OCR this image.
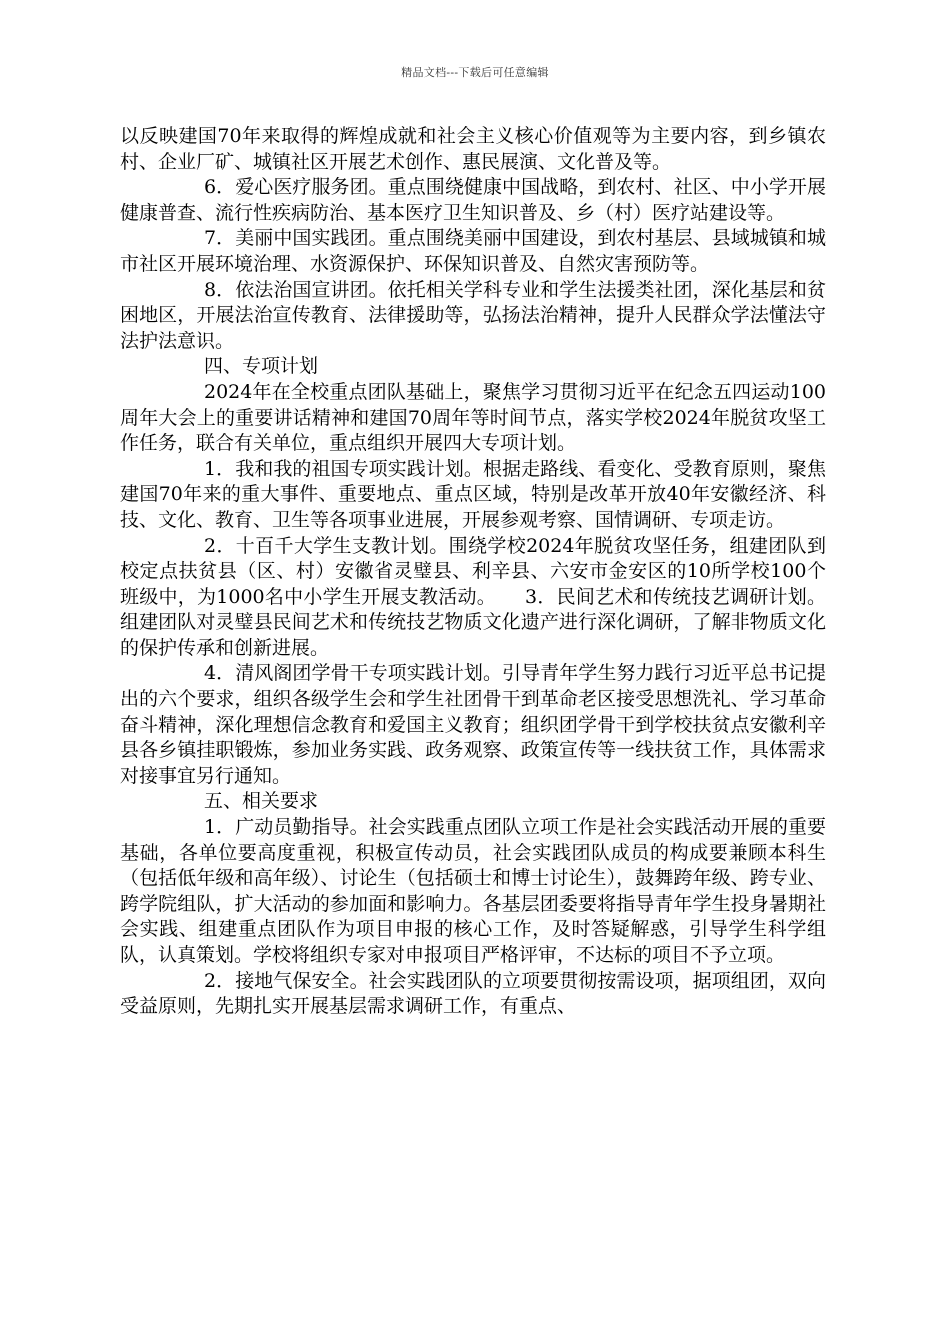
精品文档---下载后可任意编辑

以反映建国70年来取得的辉煌成就和社会主义核心价值观等为主要内容，到乡镇农村、企业厂矿、城镇社区开展艺术创作、惠民展演、文化普及等。

6．爱心医疗服务团。重点围绕健康中国战略，到农村、社区、中小学开展健康普查、流行性疾病防治、基本医疗卫生知识普及、乡（村）医疗站建设等。

7．美丽中国实践团。重点围绕美丽中国建设，到农村基层、县域城镇和城市社区开展环境治理、水资源保护、环保知识普及、自然灾害预防等。

8．依法治国宣讲团。依托相关学科专业和学生法援类社团，深化基层和贫困地区，开展法治宣传教育、法律援助等，弘扬法治精神，提升人民群众学法懂法守法护法意识。

四、专项计划

2024年在全校重点团队基础上，聚焦学习贯彻习近平在纪念五四运动100周年大会上的重要讲话精神和建国70周年等时间节点，落实学校2024年脱贫攻坚工作任务，联合有关单位，重点组织开展四大专项计划。

1．我和我的祖国专项实践计划。根据走路线、看变化、受教育原则，聚焦建国70年来的重大事件、重要地点、重点区域，特别是改革开放40年安徽经济、科技、文化、教育、卫生等各项事业进展，开展参观考察、国情调研、专项走访。

2．十百千大学生支教计划。围绕学校2024年脱贫攻坚任务，组建团队到校定点扶贫县（区、村）安徽省灵璧县、利辛县、六安市金安区的10所学校100个班级中，为1000名中小学生开展支教活动。　　3．民间艺术和传统技艺调研计划。组建团队对灵璧县民间艺术和传统技艺物质文化遗产进行深化调研，了解非物质文化的保护传承和创新进展。

4．清风阁团学骨干专项实践计划。引导青年学生努力践行习近平总书记提出的六个要求，组织各级学生会和学生社团骨干到革命老区接受思想洗礼、学习革命奋斗精神，深化理想信念教育和爱国主义教育；组织团学骨干到学校扶贫点安徽利辛县各乡镇挂职锻炼，参加业务实践、政务观察、政策宣传等一线扶贫工作，具体需求对接事宜另行通知。

五、相关要求

1．广动员勤指导。社会实践重点团队立项工作是社会实践活动开展的重要基础，各单位要高度重视，积极宣传动员，社会实践团队成员的构成要兼顾本科生（包括低年级和高年级）、讨论生（包括硕士和博士讨论生），鼓舞跨年级、跨专业、跨学院组队，扩大活动的参加面和影响力。各基层团委要将指导青年学生投身暑期社会实践、组建重点团队作为项目申报的核心工作，及时答疑解惑，引导学生科学组队，认真策划。学校将组织专家对申报项目严格评审，不达标的项目不予立项。

2．接地气保安全。社会实践团队的立项要贯彻按需设项，据项组团，双向受益原则，先期扎实开展基层需求调研工作，有重点、
